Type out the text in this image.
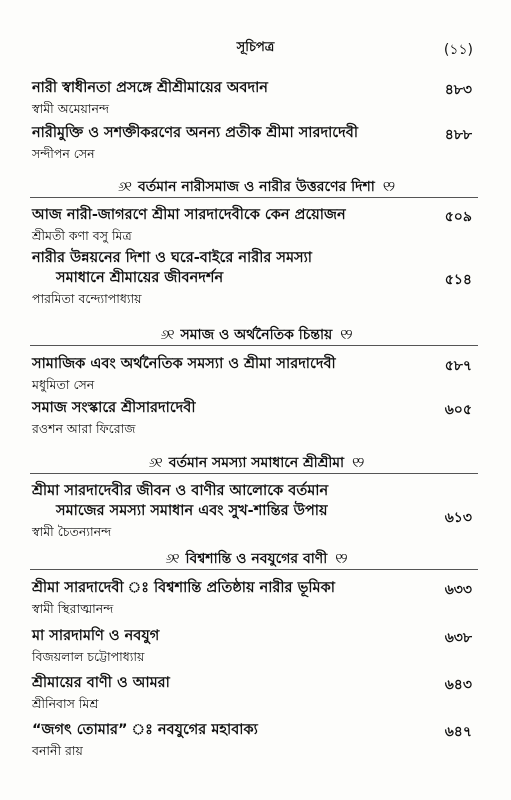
সূচিপত্র	(১১)
নারী স্বাধীনতা প্রসঙ্গে শ্রীশ্রীমায়ের অবদান
স্বামী অমেয়ানন্দ
৪৮৩
নারীমুক্তি ও সশক্তীকরণের অনন্য প্রতীক শ্রীমা সারদাদেবী
সন্দীপন সেন
৪৮৮
୬୧ বর্তমান নারীসমাজ ও নারীর উত্তরণের দিশা ୧୨
আজ নারী-জাগরণে শ্রীমা সারদাদেবীকে কেন প্রয়োজন
শ্রীমতী কণা বসু মিত্র
৫০৯
নারীর উন্নয়নের দিশা ও ঘরে-বাইরে নারীর সমস্যা
সমাধানে শ্রীমায়ের জীবনদর্শন
পারমিতা বন্দ্যোপাধ্যায়
৫১৪
୬୧ সমাজ ও অর্থনৈতিক চিন্তায় ୧୨
সামাজিক এবং অর্থনৈতিক সমস্যা ও শ্রীমা সারদাদেবী
মধুমিতা সেন
৫৮৭
সমাজ সংস্কারে শ্রীসারদাদেবী
রওশন আরা ফিরোজ
৬০৫
୬୧ বর্তমান সমস্যা সমাধানে শ্রীশ্রীমা ୧୨
শ্রীমা সারদাদেবীর জীবন ও বাণীর আলোকে বর্তমান
সমাজের সমস্যা সমাধান এবং সুখ-শান্তির উপায়
স্বামী চৈতন্যানন্দ
৬১৩
୬୧ বিশ্বশান্তি ও নবযুগের বাণী ୧୨
শ্রীমা সারদাদেবী ঃ বিশ্বশান্তি প্রতিষ্ঠায় নারীর ভূমিকা
স্বামী স্থিরাত্মানন্দ
৬৩৩
মা সারদামণি ও নবযুগ
বিজয়লাল চট্টোপাধ্যায়
৬৩৮
শ্রীমায়ের বাণী ও আমরা
শ্রীনিবাস মিশ্র
৬৪৩
“জগৎ তোমার” ঃ নবযুগের মহাবাক্য
বনানী রায়
৬৪৭
